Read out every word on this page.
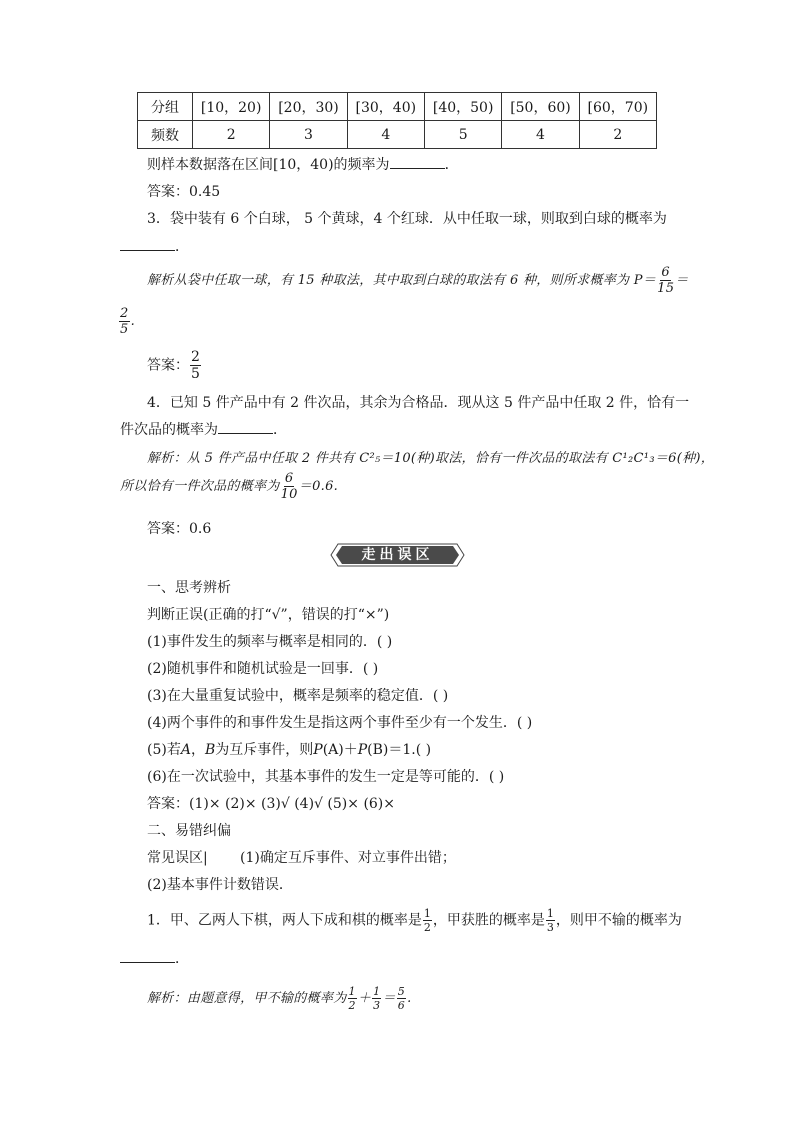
分组	[10，20)	[20，30)	[30，40)	[40，50)	[50，60)	[60，70)
频数	2	3	4	5	4	2
则样本数据落在区间[10，40)的频率为	．
答案：0.45
3．袋中装有 6 个白球， 5 个黄球，4 个红球．从中任取一球，则取到白球的概率为
．
解析从袋中任取一球，有 15 种取法，其中取到白球的取法有 6 种，则所求概率为 $P= \frac{6}{15}$ ＝
$\frac{2}{5}$ .
答案： $\frac{2}{5}$
4．已知 5 件产品中有 2 件次品，其余为合格品．现从这 5 件产品中任取 2 件，恰有一
件次品的概率为	．
解析：从 5 件产品中任取 2 件共有 C²₅＝10(种)取法，恰有一件次品的取法有 C¹₂C¹₃＝6(种)，
所以恰有一件次品的概率为 $\frac{6}{10} =0.6$.
答案：0.6
走出误区
一、思考辨析
判断正误(正确的打“√”，错误的打“×”)
(1)事件发生的频率与概率是相同的．( )
(2)随机事件和随机试验是一回事．( )
(3)在大量重复试验中，概率是频率的稳定值．( )
(4)两个事件的和事件发生是指这两个事件至少有一个发生．( )
(5)若A，B为互斥事件，则P(A)＋P(B)＝1.( )
(6)在一次试验中，其基本事件的发生一定是等可能的．( )
答案：(1)× (2)× (3)√ (4)√ (5)× (6)×
二、易错纠偏
常见误区| (1)确定互斥事件、对立事件出错；
(2)基本事件计数错误．
1．甲、乙两人下棋，两人下成和棋的概率是 $\frac{1}{2}$ ，甲获胜的概率是 $\frac{1}{3}$ ，则甲不输的概率为
．
解析：由题意得，甲不输的概率为 $\frac{1}{2} + \frac{1}{3} = \frac{5}{6}$ .
